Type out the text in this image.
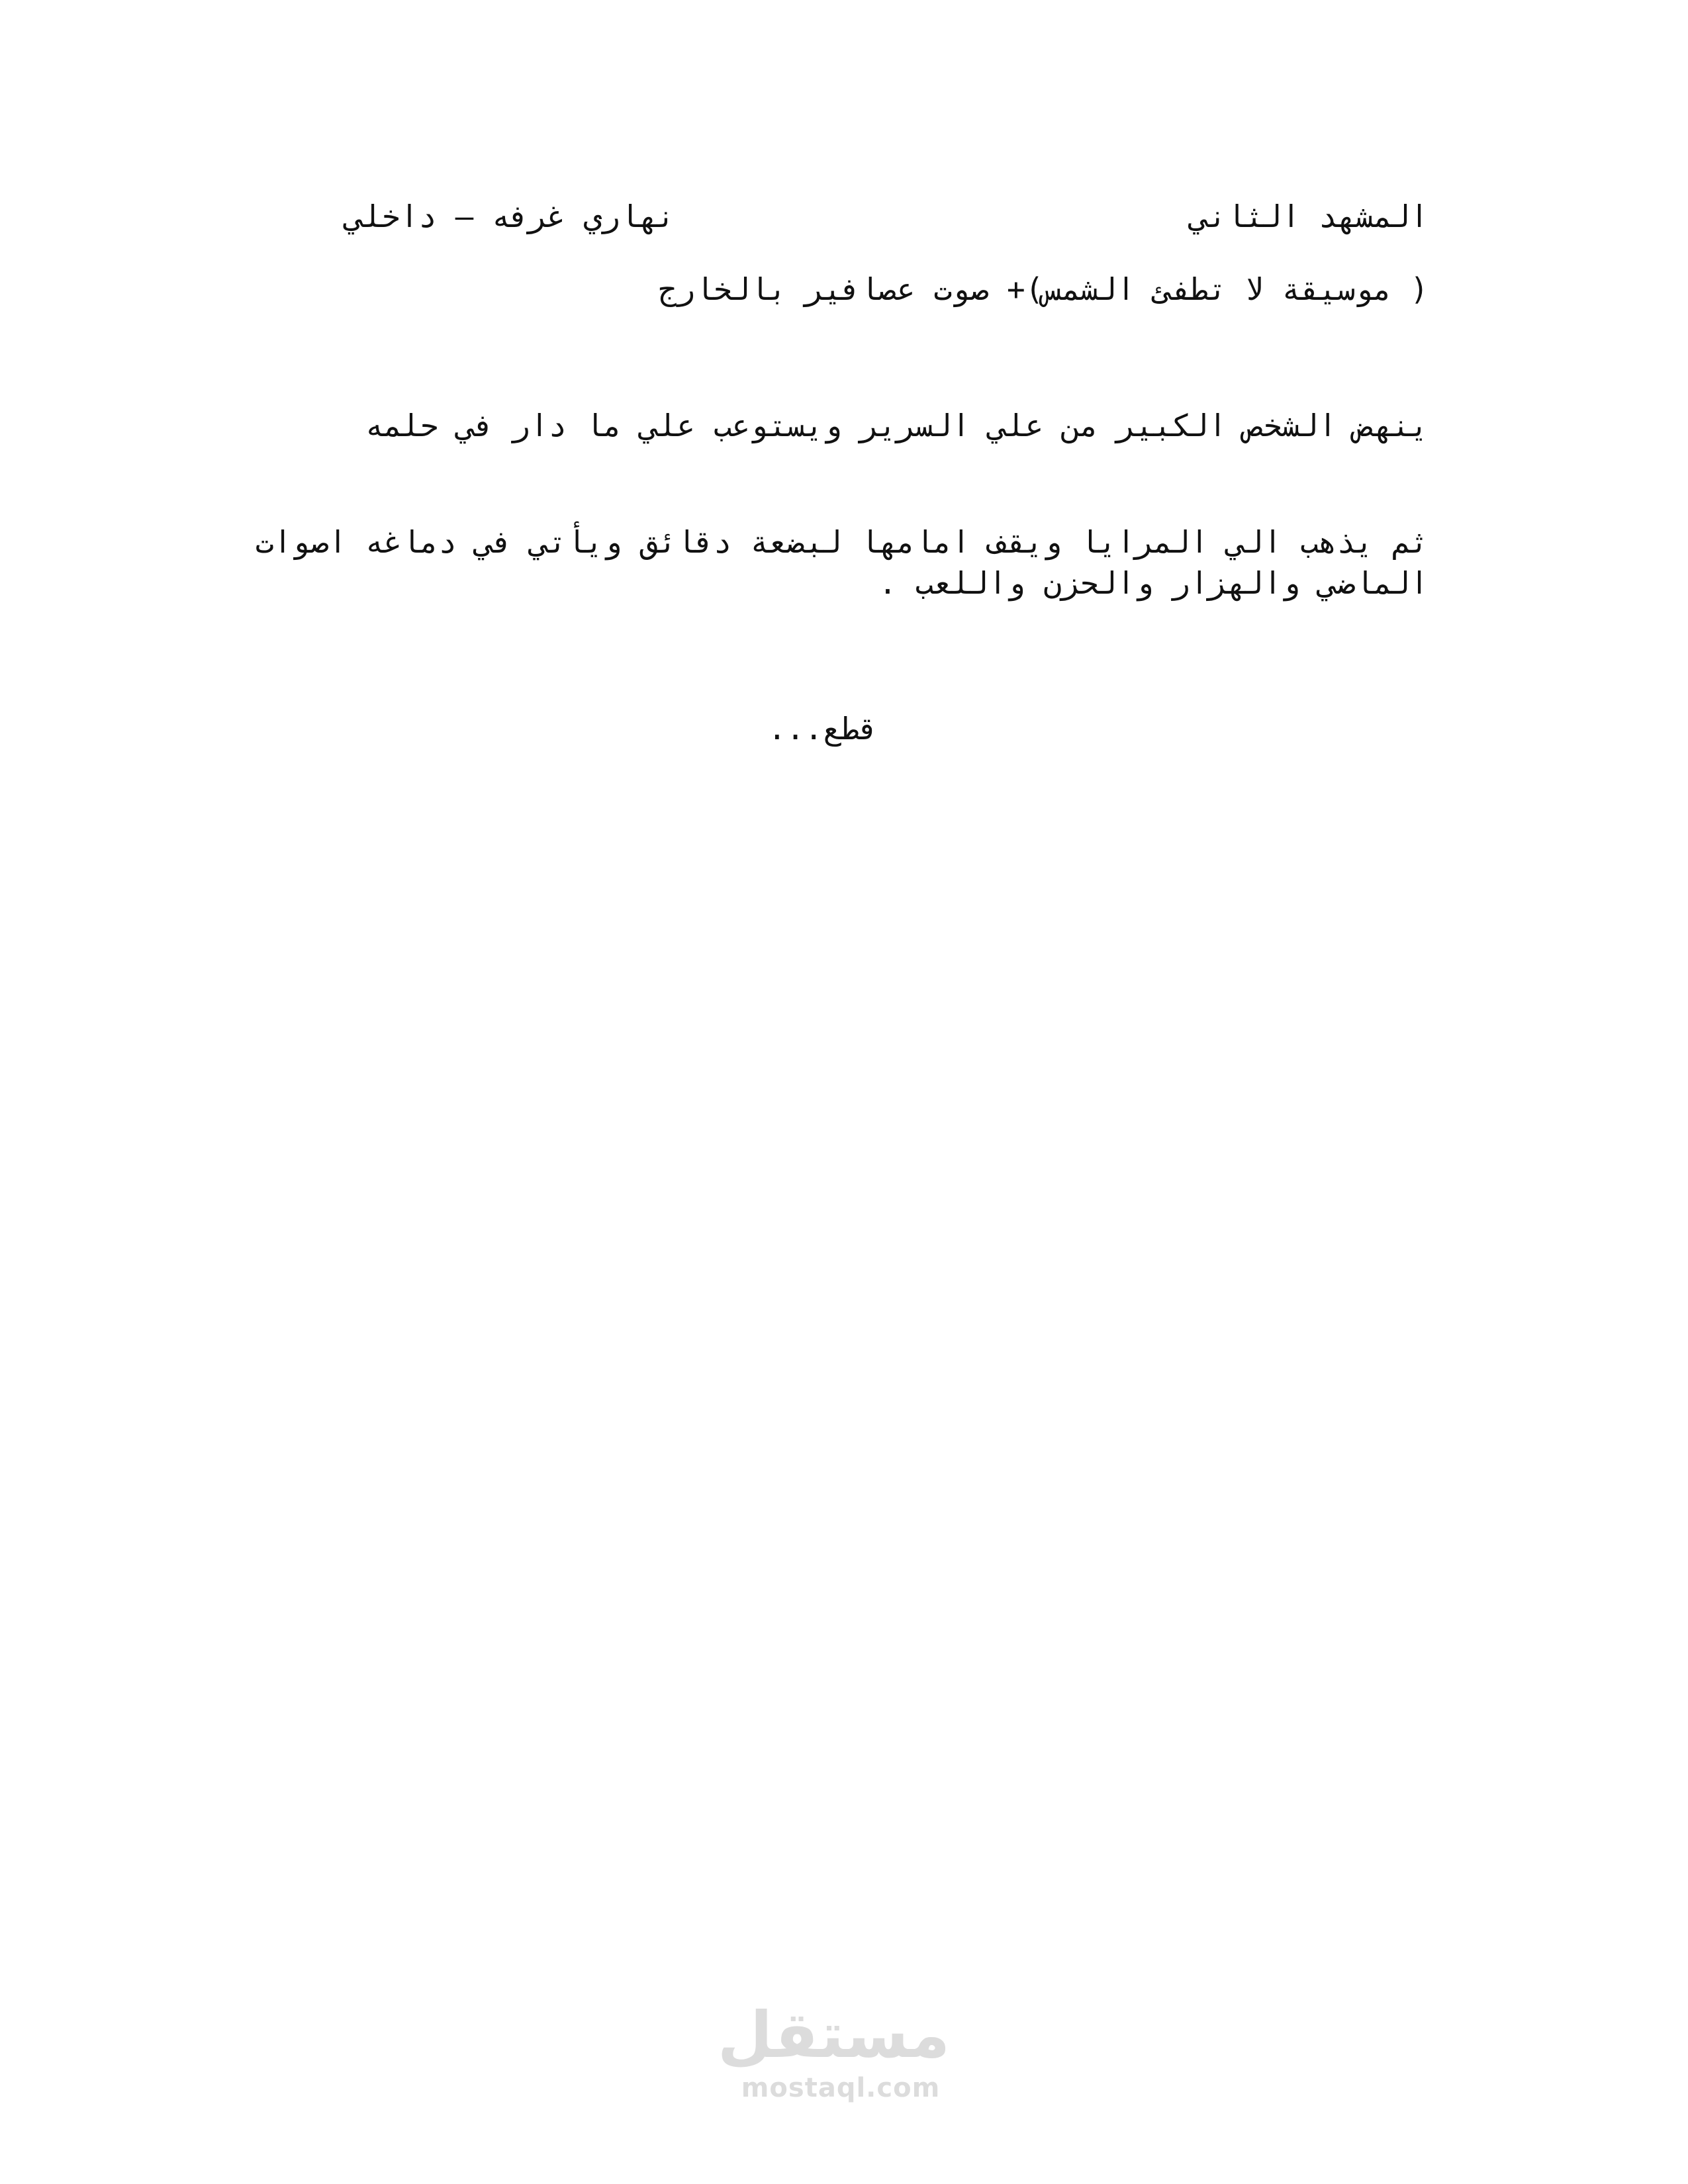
المشهد الثاني
نهاري غرفه – داخلي
( موسيقة لا تطفئ الشمس)+ صوت عصافير بالخارج
ينهض الشخص الكبير من علي السرير ويستوعب علي ما دار في حلمه
ثم يذهب الي المرايا ويقف امامها لبضعة دقائق ويأتي في دماغه اصوات الماضي والهزار والحزن واللعب .
قطع...
مستقل
mostaql.com
